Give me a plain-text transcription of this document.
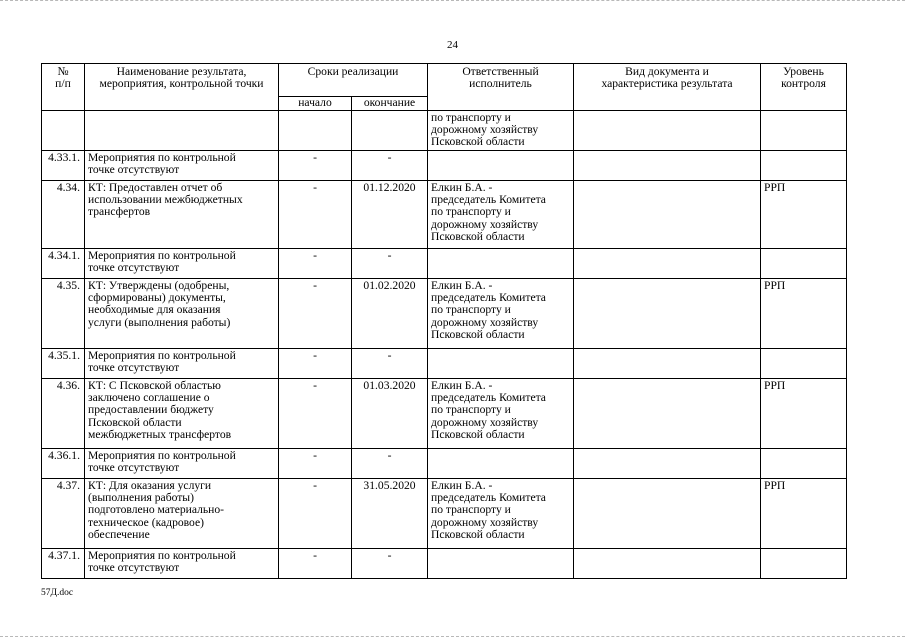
24
№
п/п	Наименование результата,
мероприятия, контрольной точки	Сроки реализации		Ответственный
исполнитель	Вид документа и
характеристика результата	Уровень
контроля

		начало	окончание			

				по транспорту и
дорожному хозяйству
Псковской области		
4.33.1.	Мероприятия по контрольной
точке отсутствуют	-	-			
4.34.	КТ: Предоставлен отчет об
использовании межбюджетных
трансфертов	-	01.12.2020	Елкин Б.А. -
председатель Комитета
по транспорту и
дорожному хозяйству
Псковской области		РРП
4.34.1.	Мероприятия по контрольной
точке отсутствуют	-	-			
4.35.	КТ: Утверждены (одобрены,
сформированы) документы,
необходимые для оказания
услуги (выполнения работы)	-	01.02.2020	Елкин Б.А. -
председатель Комитета
по транспорту и
дорожному хозяйству
Псковской области		РРП
4.35.1.	Мероприятия по контрольной
точке отсутствуют	-	-			
4.36.	КТ: С Псковской областью
заключено соглашение о
предоставлении бюджету
Псковской области
межбюджетных трансфертов	-	01.03.2020	Елкин Б.А. -
председатель Комитета
по транспорту и
дорожному хозяйству
Псковской области		РРП
4.36.1.	Мероприятия по контрольной
точке отсутствуют	-	-			
4.37.	КТ: Для оказания услуги
(выполнения работы)
подготовлено материально-
техническое (кадровое)
обеспечение	-	31.05.2020	Елкин Б.А. -
председатель Комитета
по транспорту и
дорожному хозяйству
Псковской области		РРП
4.37.1.	Мероприятия по контрольной
точке отсутствуют	-	-			
57Д.doc
